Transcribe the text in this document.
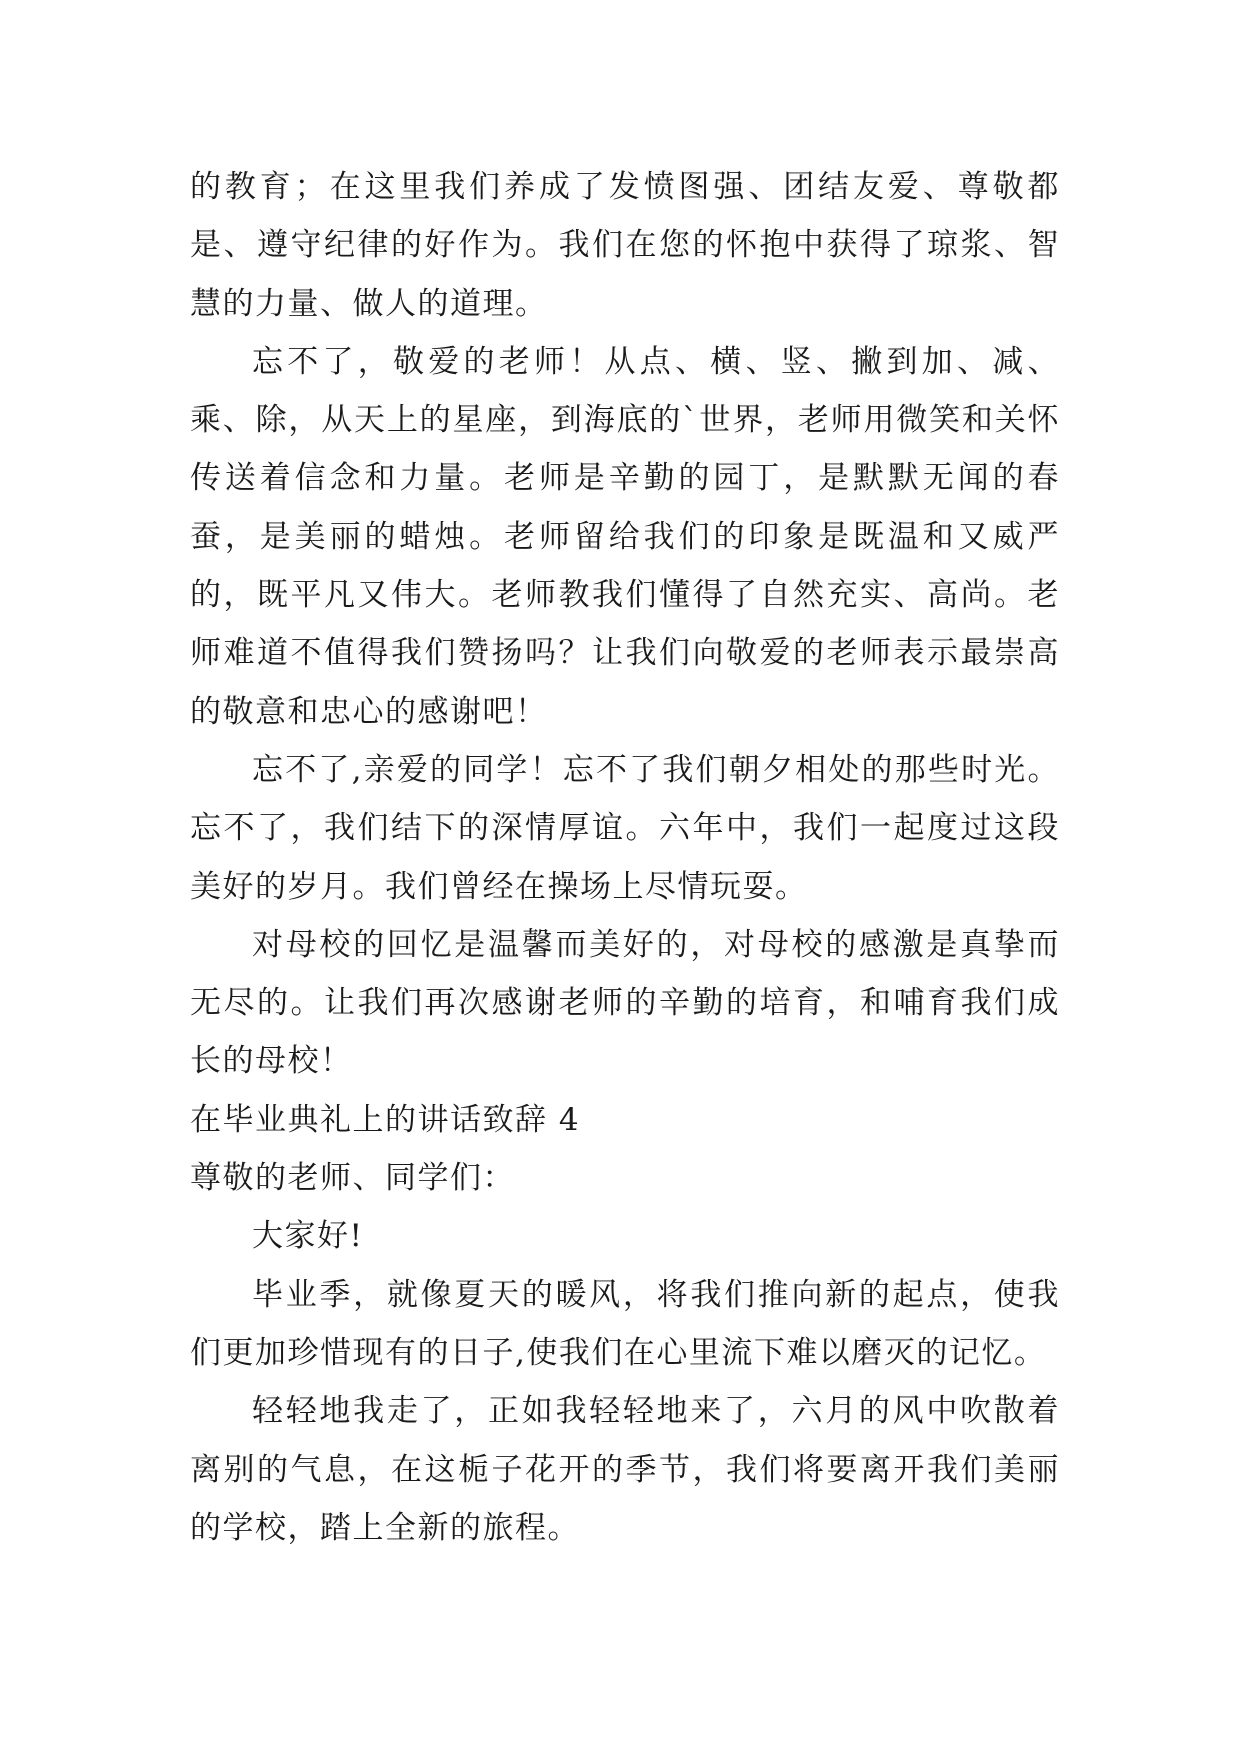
的教育；在这里我们养成了发愤图强、团结友爱、尊敬都是、遵守纪律的好作为。我们在您的怀抱中获得了琼浆、智慧的力量、做人的道理。

忘不了，敬爱的老师！从点、横、竖、撇到加、减、乘、除，从天上的星座，到海底的`世界，老师用微笑和关怀传送着信念和力量。老师是辛勤的园丁，是默默无闻的春蚕，是美丽的蜡烛。老师留给我们的印象是既温和又威严的，既平凡又伟大。老师教我们懂得了自然充实、高尚。老师难道不值得我们赞扬吗？让我们向敬爱的老师表示最崇高的敬意和忠心的感谢吧！

忘不了,亲爱的同学！忘不了我们朝夕相处的那些时光。忘不了，我们结下的深情厚谊。六年中，我们一起度过这段美好的岁月。我们曾经在操场上尽情玩耍。

对母校的回忆是温馨而美好的，对母校的感激是真挚而无尽的。让我们再次感谢老师的辛勤的培育，和哺育我们成长的母校！

在毕业典礼上的讲话致辞 4

尊敬的老师、同学们：

大家好!

毕业季，就像夏天的暖风，将我们推向新的起点，使我们更加珍惜现有的日子,使我们在心里流下难以磨灭的记忆。

轻轻地我走了，正如我轻轻地来了，六月的风中吹散着离别的气息，在这栀子花开的季节，我们将要离开我们美丽的学校，踏上全新的旅程。
